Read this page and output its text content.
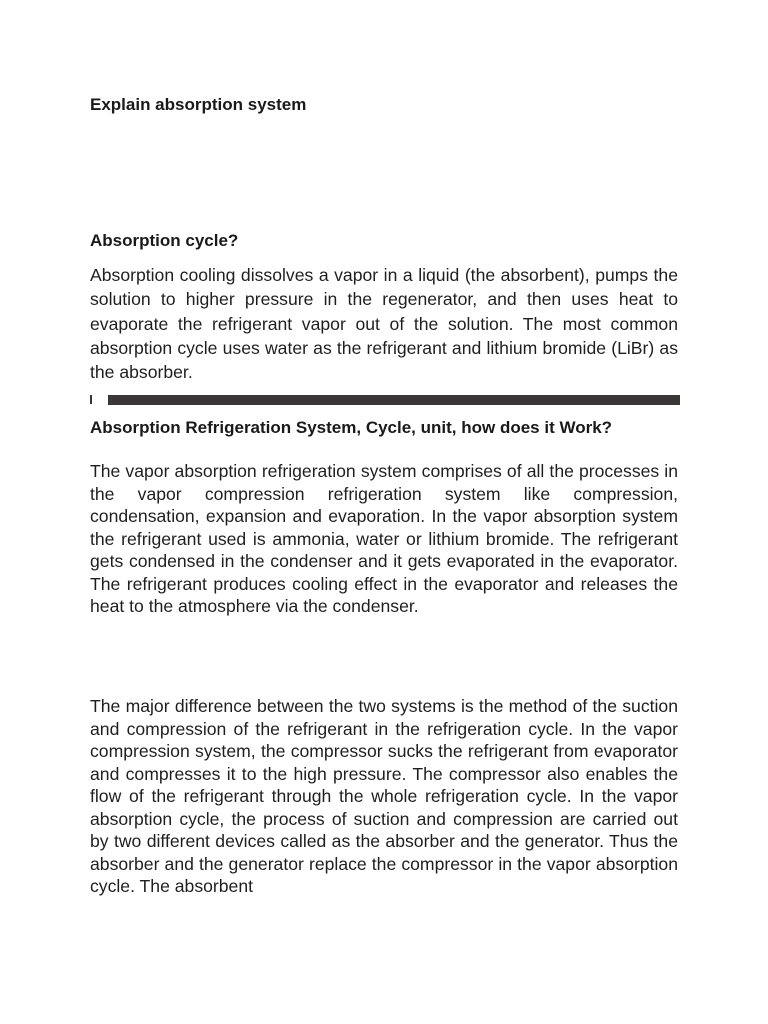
Explain absorption system
Absorption cycle?

Absorption cooling dissolves a vapor in a liquid (the absorbent), pumps the solution to higher pressure in the regenerator, and then uses heat to evaporate the refrigerant vapor out of the solution. The most common absorption cycle uses water as the refrigerant and lithium bromide (LiBr) as the absorber.

Absorption Refrigeration System, Cycle, unit, how does it Work?

The vapor absorption refrigeration system comprises of all the processes in the vapor compression refrigeration system like compression, condensation, expansion and evaporation. In the vapor absorption system the refrigerant used is ammonia, water or lithium bromide. The refrigerant gets condensed in the condenser and it gets evaporated in the evaporator. The refrigerant produces cooling effect in the evaporator and releases the heat to the atmosphere via the condenser.

The major difference between the two systems is the method of the suction and compression of the refrigerant in the refrigeration cycle. In the vapor compression system, the compressor sucks the refrigerant from evaporator and compresses it to the high pressure. The compressor also enables the flow of the refrigerant through the whole refrigeration cycle. In the vapor absorption cycle, the process of suction and compression are carried out by two different devices called as the absorber and the generator. Thus the absorber and the generator replace the compressor in the vapor absorption cycle. The absorbent
